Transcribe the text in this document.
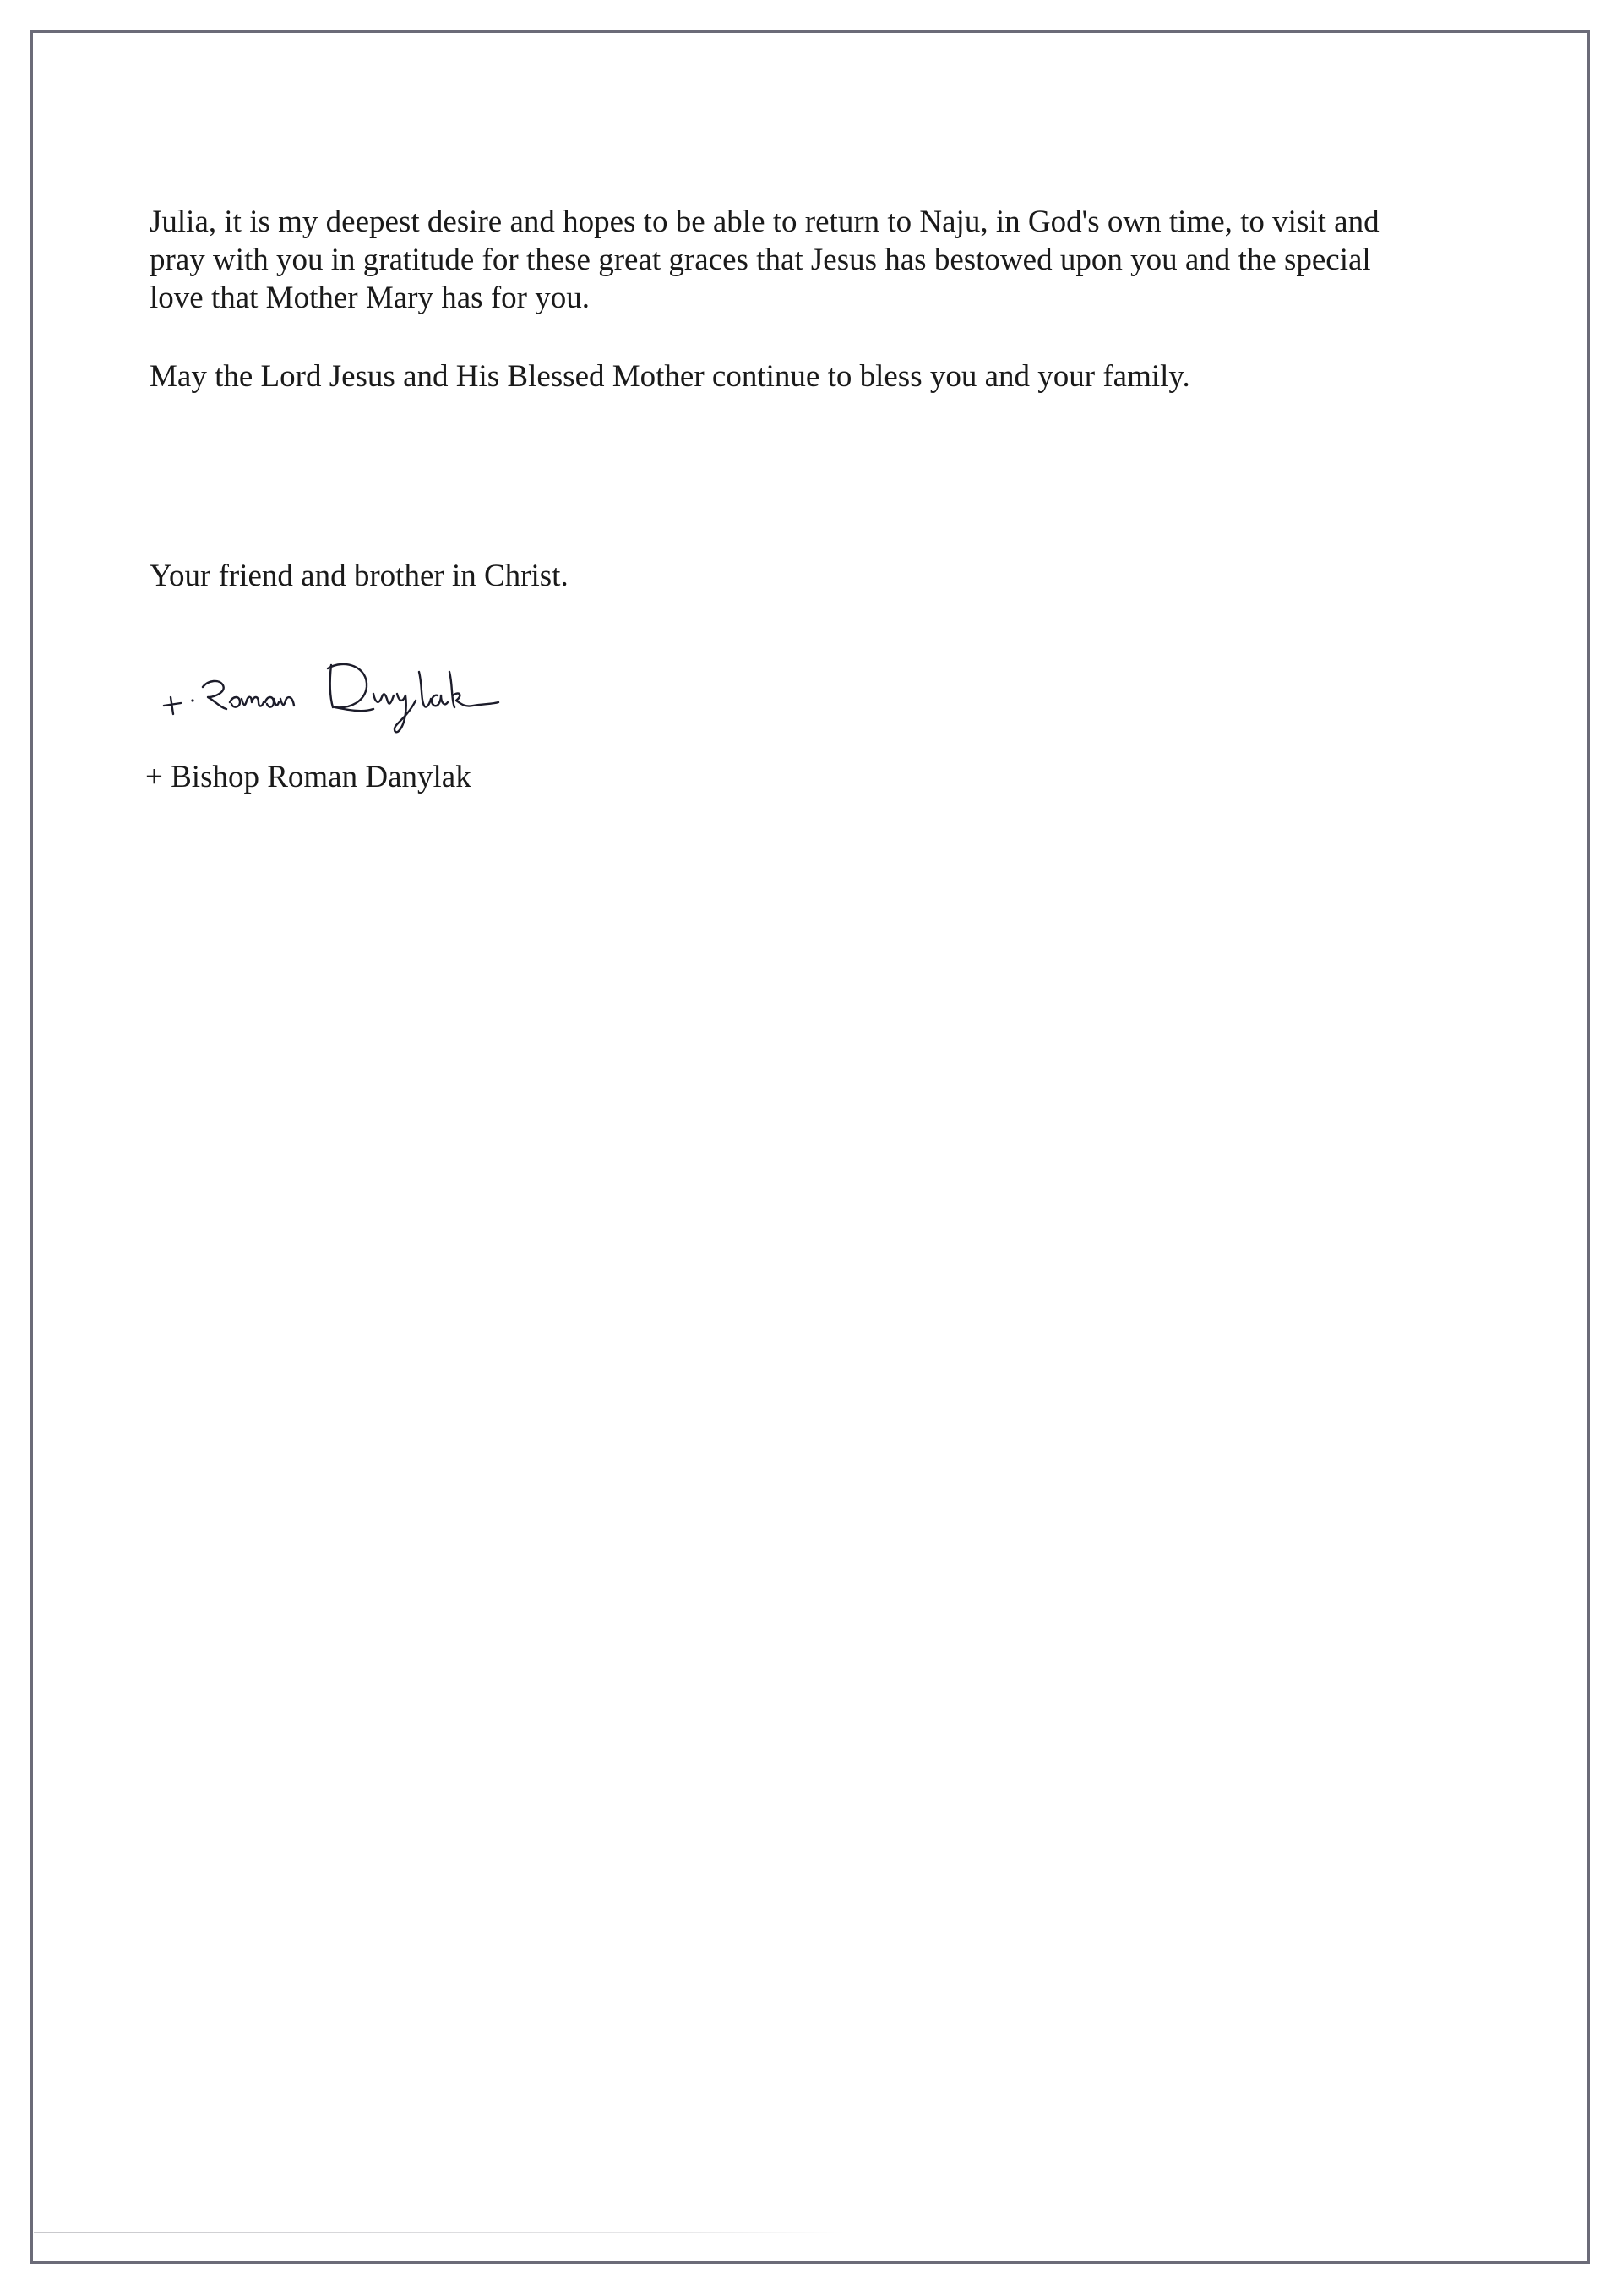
Julia, it is my deepest desire and hopes to be able to return to Naju, in God's own time, to visit and
pray with you in gratitude for these great graces that Jesus has bestowed upon you and the special
love that Mother Mary has for you.

May the Lord Jesus and His Blessed Mother continue to bless you and your family.

Your friend and brother in Christ.
+ Bishop Roman Danylak
